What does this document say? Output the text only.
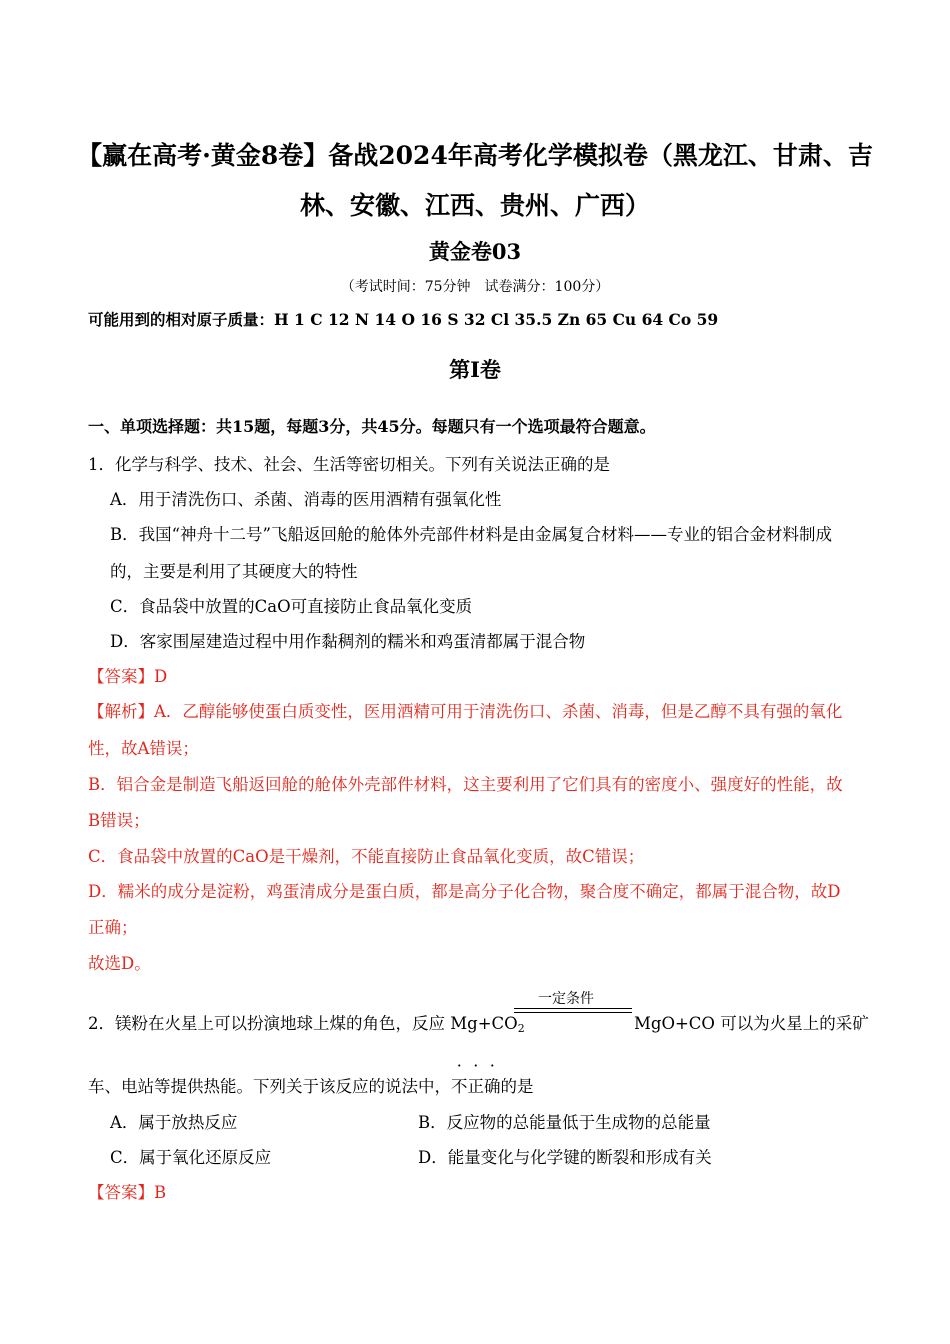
【赢在高考·黄金8卷】备战2024年高考化学模拟卷（黑龙江、甘肃、吉
林、安徽、江西、贵州、广西）
黄金卷03
（考试时间：75分钟　试卷满分：100分）
可能用到的相对原子质量：H 1 C 12 N 14 O 16 S 32 Cl 35.5 Zn 65 Cu 64 Co 59
第Ⅰ卷
一、单项选择题：共15题，每题3分，共45分。每题只有一个选项最符合题意。
1．化学与科学、技术、社会、生活等密切相关。下列有关说法正确的是
A．用于清洗伤口、杀菌、消毒的医用酒精有强氧化性
B．我国“神舟十二号”飞船返回舱的舱体外壳部件材料是由金属复合材料——专业的铝合金材料制成
的，主要是利用了其硬度大的特性
C．食品袋中放置的CaO可直接防止食品氧化变质
D．客家围屋建造过程中用作黏稠剂的糯米和鸡蛋清都属于混合物
【答案】D
【解析】A．乙醇能够使蛋白质变性，医用酒精可用于清洗伤口、杀菌、消毒，但是乙醇不具有强的氧化
性，故A错误；
B．铝合金是制造飞船返回舱的舱体外壳部件材料，这主要利用了它们具有的密度小、强度好的性能，故
B错误；
C．食品袋中放置的CaO是干燥剂，不能直接防止食品氧化变质，故C错误；
D．糯米的成分是淀粉，鸡蛋清成分是蛋白质，都是高分子化合物，聚合度不确定，都属于混合物，故D
正确；
故选D。
2．镁粉在火星上可以扮演地球上煤的角色，反应 Mg+CO2
一定条件
MgO+CO 可以为火星上的采矿
车、电站等提供热能。下列关于该反应的说法中，不正确的是
A．属于放热反应	B．反应物的总能量低于生成物的总能量
C．属于氧化还原反应	D．能量变化与化学键的断裂和形成有关
【答案】B
